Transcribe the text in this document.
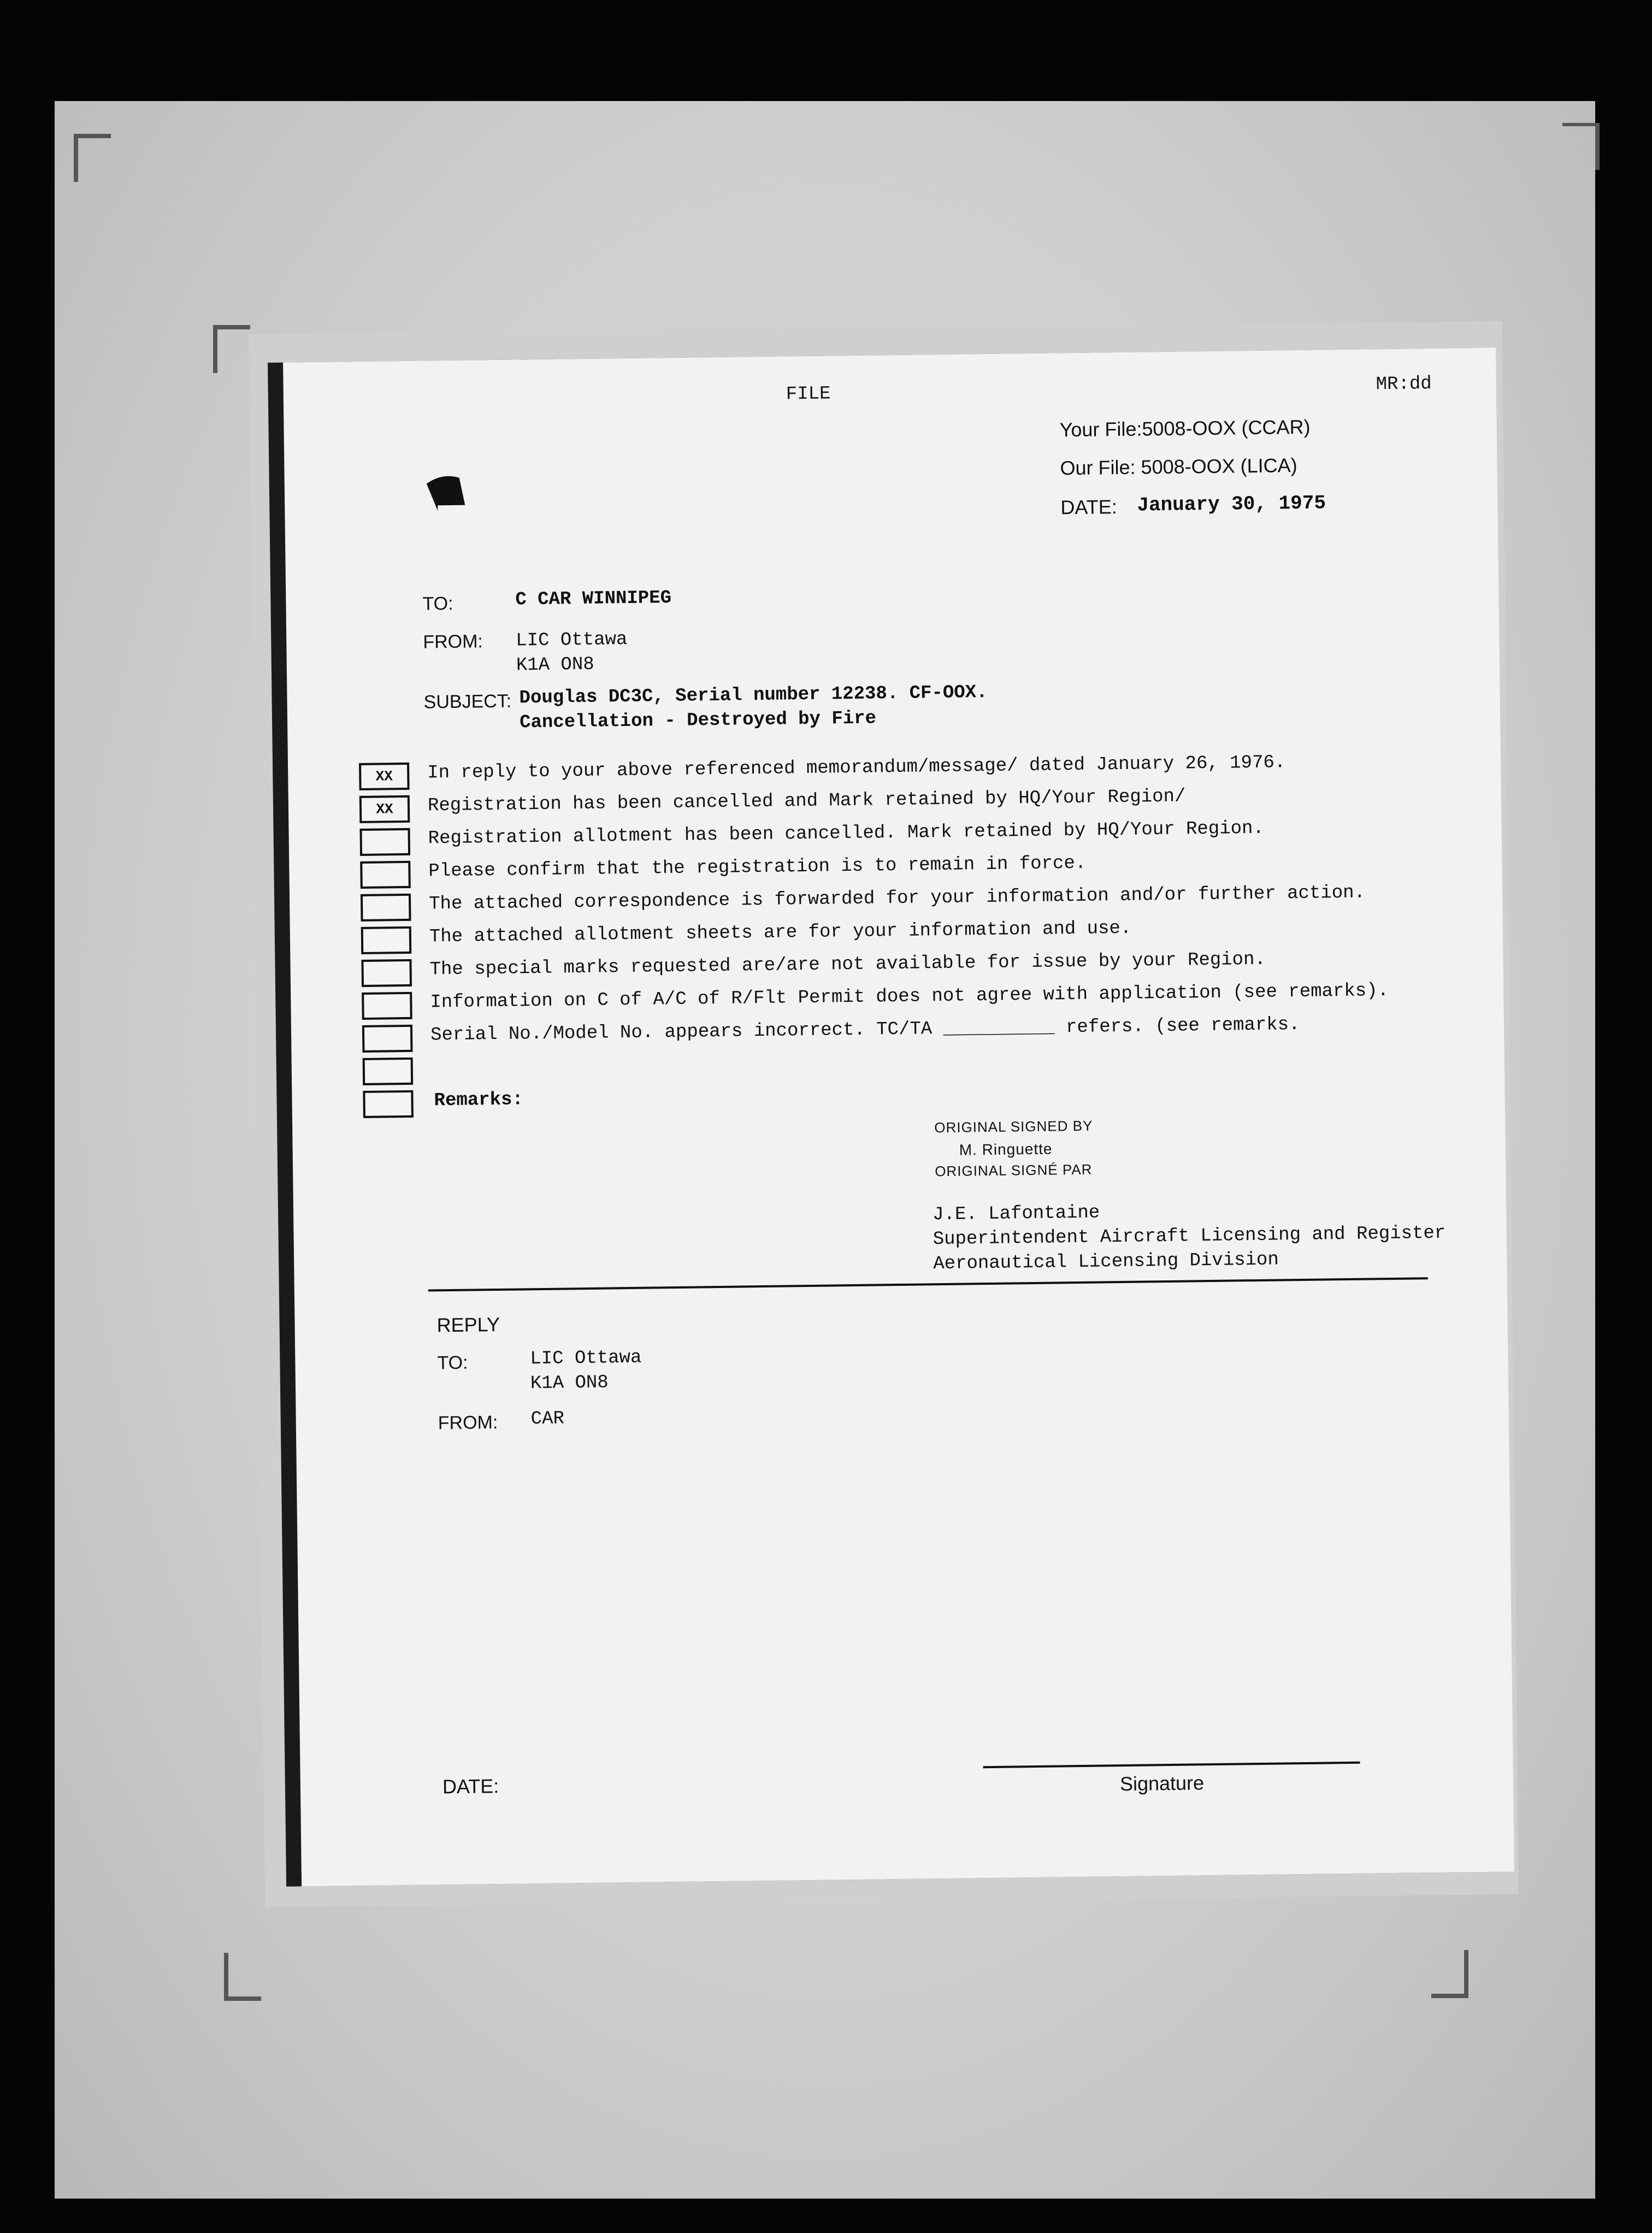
FILE	MR:dd
Your File:5008-OOX (CCAR)
Our File: 5008-OOX (LICA)
DATE: January 30, 1975
TO:	C CAR WINNIPEG
FROM: LIC Ottawa
K1A ON8
SUBJECT: Douglas DC3C, Serial number 12238. CF-OOX.
Cancellation - Destroyed by Fire
XX	In reply to your above referenced memorandum/message/ dated January 26, 1976.
XX	Registration has been cancelled and Mark retained by HQ/Your Region/
Registration allotment has been cancelled. Mark retained by HQ/Your Region.
Please confirm that the registration is to remain in force.
The attached correspondence is forwarded for your information and/or further action.
The attached allotment sheets are for your information and use.
The special marks requested are/are not available for issue by your Region.
Information on C of A/C of R/Flt Permit does not agree with application (see remarks).
Serial No./Model No. appears incorrect. TC/TA __________ refers. (see remarks.
Remarks:
ORIGINAL SIGNED BY
M. Ringuette
ORIGINAL SIGNÉ PAR
J.E. Lafontaine
Superintendent Aircraft Licensing and Register
Aeronautical Licensing Division
REPLY
TO:	LIC Ottawa
K1A ON8
FROM: CAR
DATE:	Signature
